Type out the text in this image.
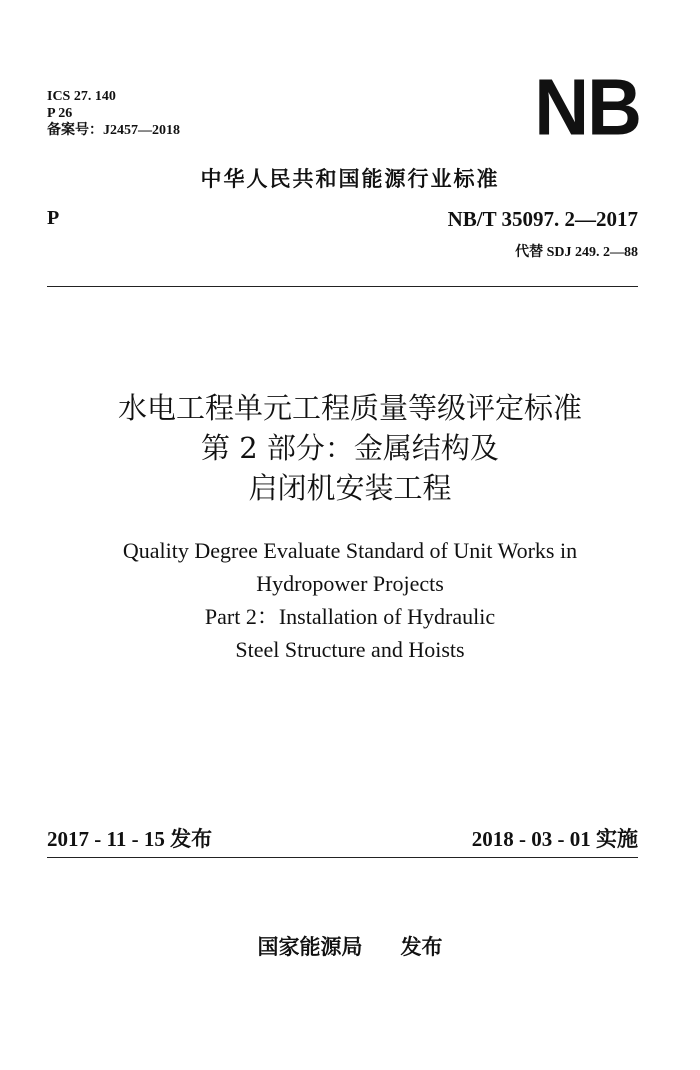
ICS 27. 140
P 26
备案号：J2457—2018	NB
中华人民共和国能源行业标准
P	NB/T 35097. 2—2017
代替 SDJ 249. 2—88
水电工程单元工程质量等级评定标准
第 2 部分：金属结构及
启闭机安装工程
Quality Degree Evaluate Standard of Unit Works in
Hydropower Projects
Part 2：Installation of Hydraulic
Steel Structure and Hoists
2017 - 11 - 15 发布	2018 - 03 - 01 实施
国家能源局 发布
